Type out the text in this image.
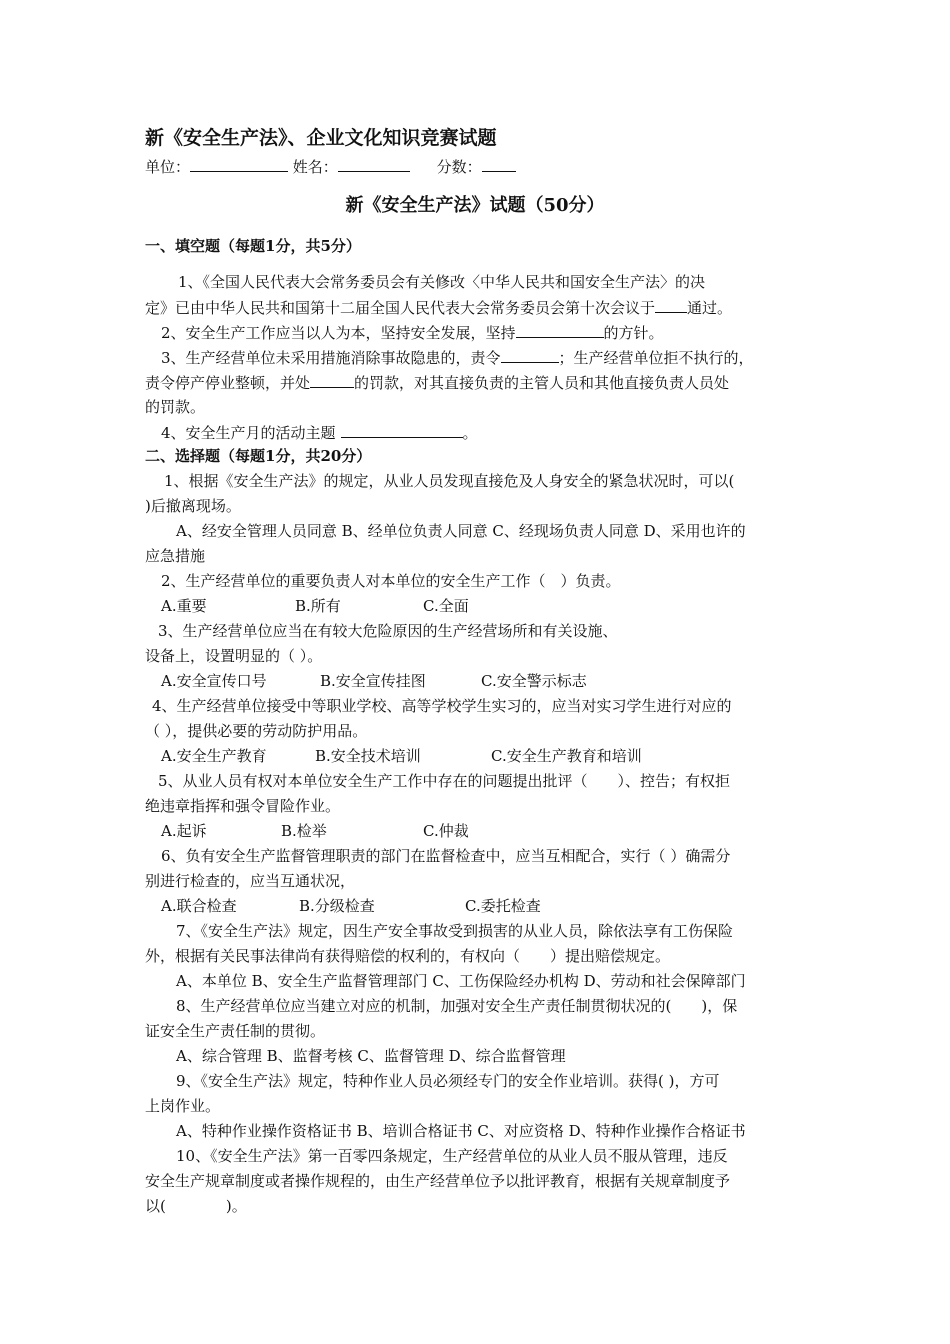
新《安全生产法》、企业文化知识竞赛试题
单位：	姓名：	分数：
新《安全生产法》试题（50分）
一、填空题（每题1分，共5分）
1、《全国人民代表大会常务委员会有关修改〈中华人民共和国安全生产法〉的决
定》已由中华人民共和国第十二届全国人民代表大会常务委员会第十次会议于 通过。
2、安全生产工作应当以人为本，坚持安全发展，坚持	的方针。
3、生产经营单位未采用措施消除事故隐患的，责令	；生产经营单位拒不执行的，
责令停产停业整顿，并处	的罚款，对其直接负责的主管人员和其他直接负责人员处
的罚款。
4、安全生产月的活动主题	。
二、选择题（每题1分，共20分）
1、根据《安全生产法》的规定，从业人员发现直接危及人身安全的紧急状况时，可以(
)后撤离现场。
A、经安全管理人员同意 B、经单位负责人同意 C、经现场负责人同意 D、采用也许的
应急措施
2、生产经营单位的重要负责人对本单位的安全生产工作（　）负责。
A.重要	B.所有	C.全面
3、生产经营单位应当在有较大危险原因的生产经营场所和有关设施、
设备上，设置明显的（ ）。
A.安全宣传口号	B.安全宣传挂图	C.安全警示标志
4、生产经营单位接受中等职业学校、高等学校学生实习的，应当对实习学生进行对应的
（ ），提供必要的劳动防护用品。
A.安全生产教育	B.安全技术培训	C.安全生产教育和培训
5、从业人员有权对本单位安全生产工作中存在的问题提出批评（　　）、控告；有权拒
绝违章指挥和强令冒险作业。
A.起诉	B.检举	C.仲裁
6、负有安全生产监督管理职责的部门在监督检查中，应当互相配合，实行（ ）确需分
别进行检查的，应当互通状况，
A.联合检查	B.分级检查	C.委托检查
7、《安全生产法》规定，因生产安全事故受到损害的从业人员，除依法享有工伤保险
外，根据有关民事法律尚有获得赔偿的权利的，有权向（　　）提出赔偿规定。
A、本单位 B、安全生产监督管理部门 C、工伤保险经办机构 D、劳动和社会保障部门
8、生产经营单位应当建立对应的机制，加强对安全生产责任制贯彻状况的(　　)，保
证安全生产责任制的贯彻。
A、综合管理 B、监督考核 C、监督管理 D、综合监督管理
9、《安全生产法》规定，特种作业人员必须经专门的安全作业培训。获得( )，方可
上岗作业。
A、特种作业操作资格证书 B、培训合格证书 C、对应资格 D、特种作业操作合格证书
10、《安全生产法》第一百零四条规定，生产经营单位的从业人员不服从管理，违反
安全生产规章制度或者操作规程的，由生产经营单位予以批评教育，根据有关规章制度予
以(　　　　)。
